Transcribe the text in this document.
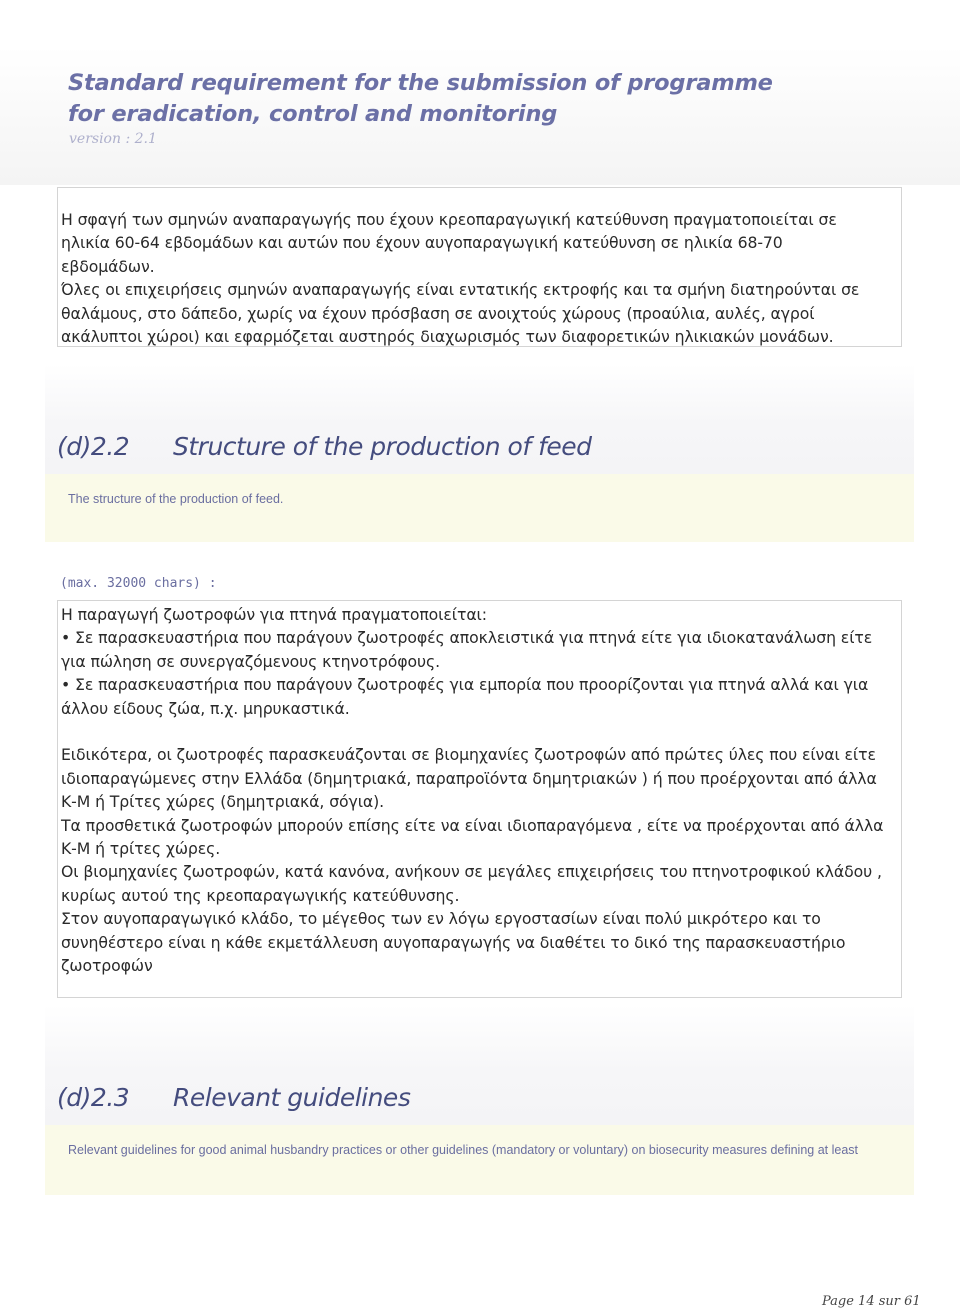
Standard requirement for the submission of programme
for eradication, control and monitoring
version : 2.1

Η σφαγή των σμηνών αναπαραγωγής που έχουν κρεοπαραγωγική κατεύθυνση πραγματοποιείται σε

ηλικία 60-64 εβδομάδων και αυτών που έχουν αυγοπαραγωγική κατεύθυνση σε ηλικία 68-70

εβδομάδων.

Όλες οι επιχειρήσεις σμηνών αναπαραγωγής είναι εντατικής εκτροφής και τα σμήνη διατηρούνται σε

θαλάμους, στο δάπεδο, χωρίς να έχουν πρόσβαση σε ανοιχτούς χώρους (προαύλια, αυλές, αγροί

ακάλυπτοι χώροι) και εφαρμόζεται αυστηρός διαχωρισμός των διαφορετικών ηλικιακών μονάδων.

(d)2.2 Structure of the production of feed
The structure of the production of feed.
(max. 32000 chars) :

Η παραγωγή ζωοτροφών για πτηνά πραγματοποιείται:

• Σε παρασκευαστήρια που παράγουν ζωοτροφές αποκλειστικά για πτηνά είτε για ιδιοκατανάλωση είτε

για πώληση σε συνεργαζόμενους κτηνοτρόφους.

• Σε παρασκευαστήρια που παράγουν ζωοτροφές για εμπορία που προορίζονται για πτηνά αλλά και για

άλλου είδους ζώα, π.χ. μηρυκαστικά.

Ειδικότερα, οι ζωοτροφές παρασκευάζονται σε βιομηχανίες ζωοτροφών από πρώτες ύλες που είναι είτε

ιδιοπαραγώμενες στην Ελλάδα (δημητριακά, παραπροϊόντα δημητριακών ) ή που προέρχονται από άλλα

Κ-Μ ή Τρίτες χώρες (δημητριακά, σόγια).

Τα προσθετικά ζωοτροφών μπορούν επίσης είτε να είναι ιδιοπαραγόμενα , είτε να προέρχονται από άλλα

Κ-Μ ή τρίτες χώρες.

Οι βιομηχανίες ζωοτροφών, κατά κανόνα, ανήκουν σε μεγάλες επιχειρήσεις του πτηνοτροφικού κλάδου ,

κυρίως αυτού της κρεοπαραγωγικής κατεύθυνσης.

Στον αυγοπαραγωγικό κλάδο, το μέγεθος των εν λόγω εργοστασίων είναι πολύ μικρότερο και το

συνηθέστερο είναι η κάθε εκμετάλλευση αυγοπαραγωγής να διαθέτει το δικό της παρασκευαστήριο

ζωοτροφών

(d)2.3 Relevant guidelines
Relevant guidelines for good animal husbandry practices or other guidelines (mandatory or voluntary) on biosecurity measures defining at least
Page 14 sur 61
